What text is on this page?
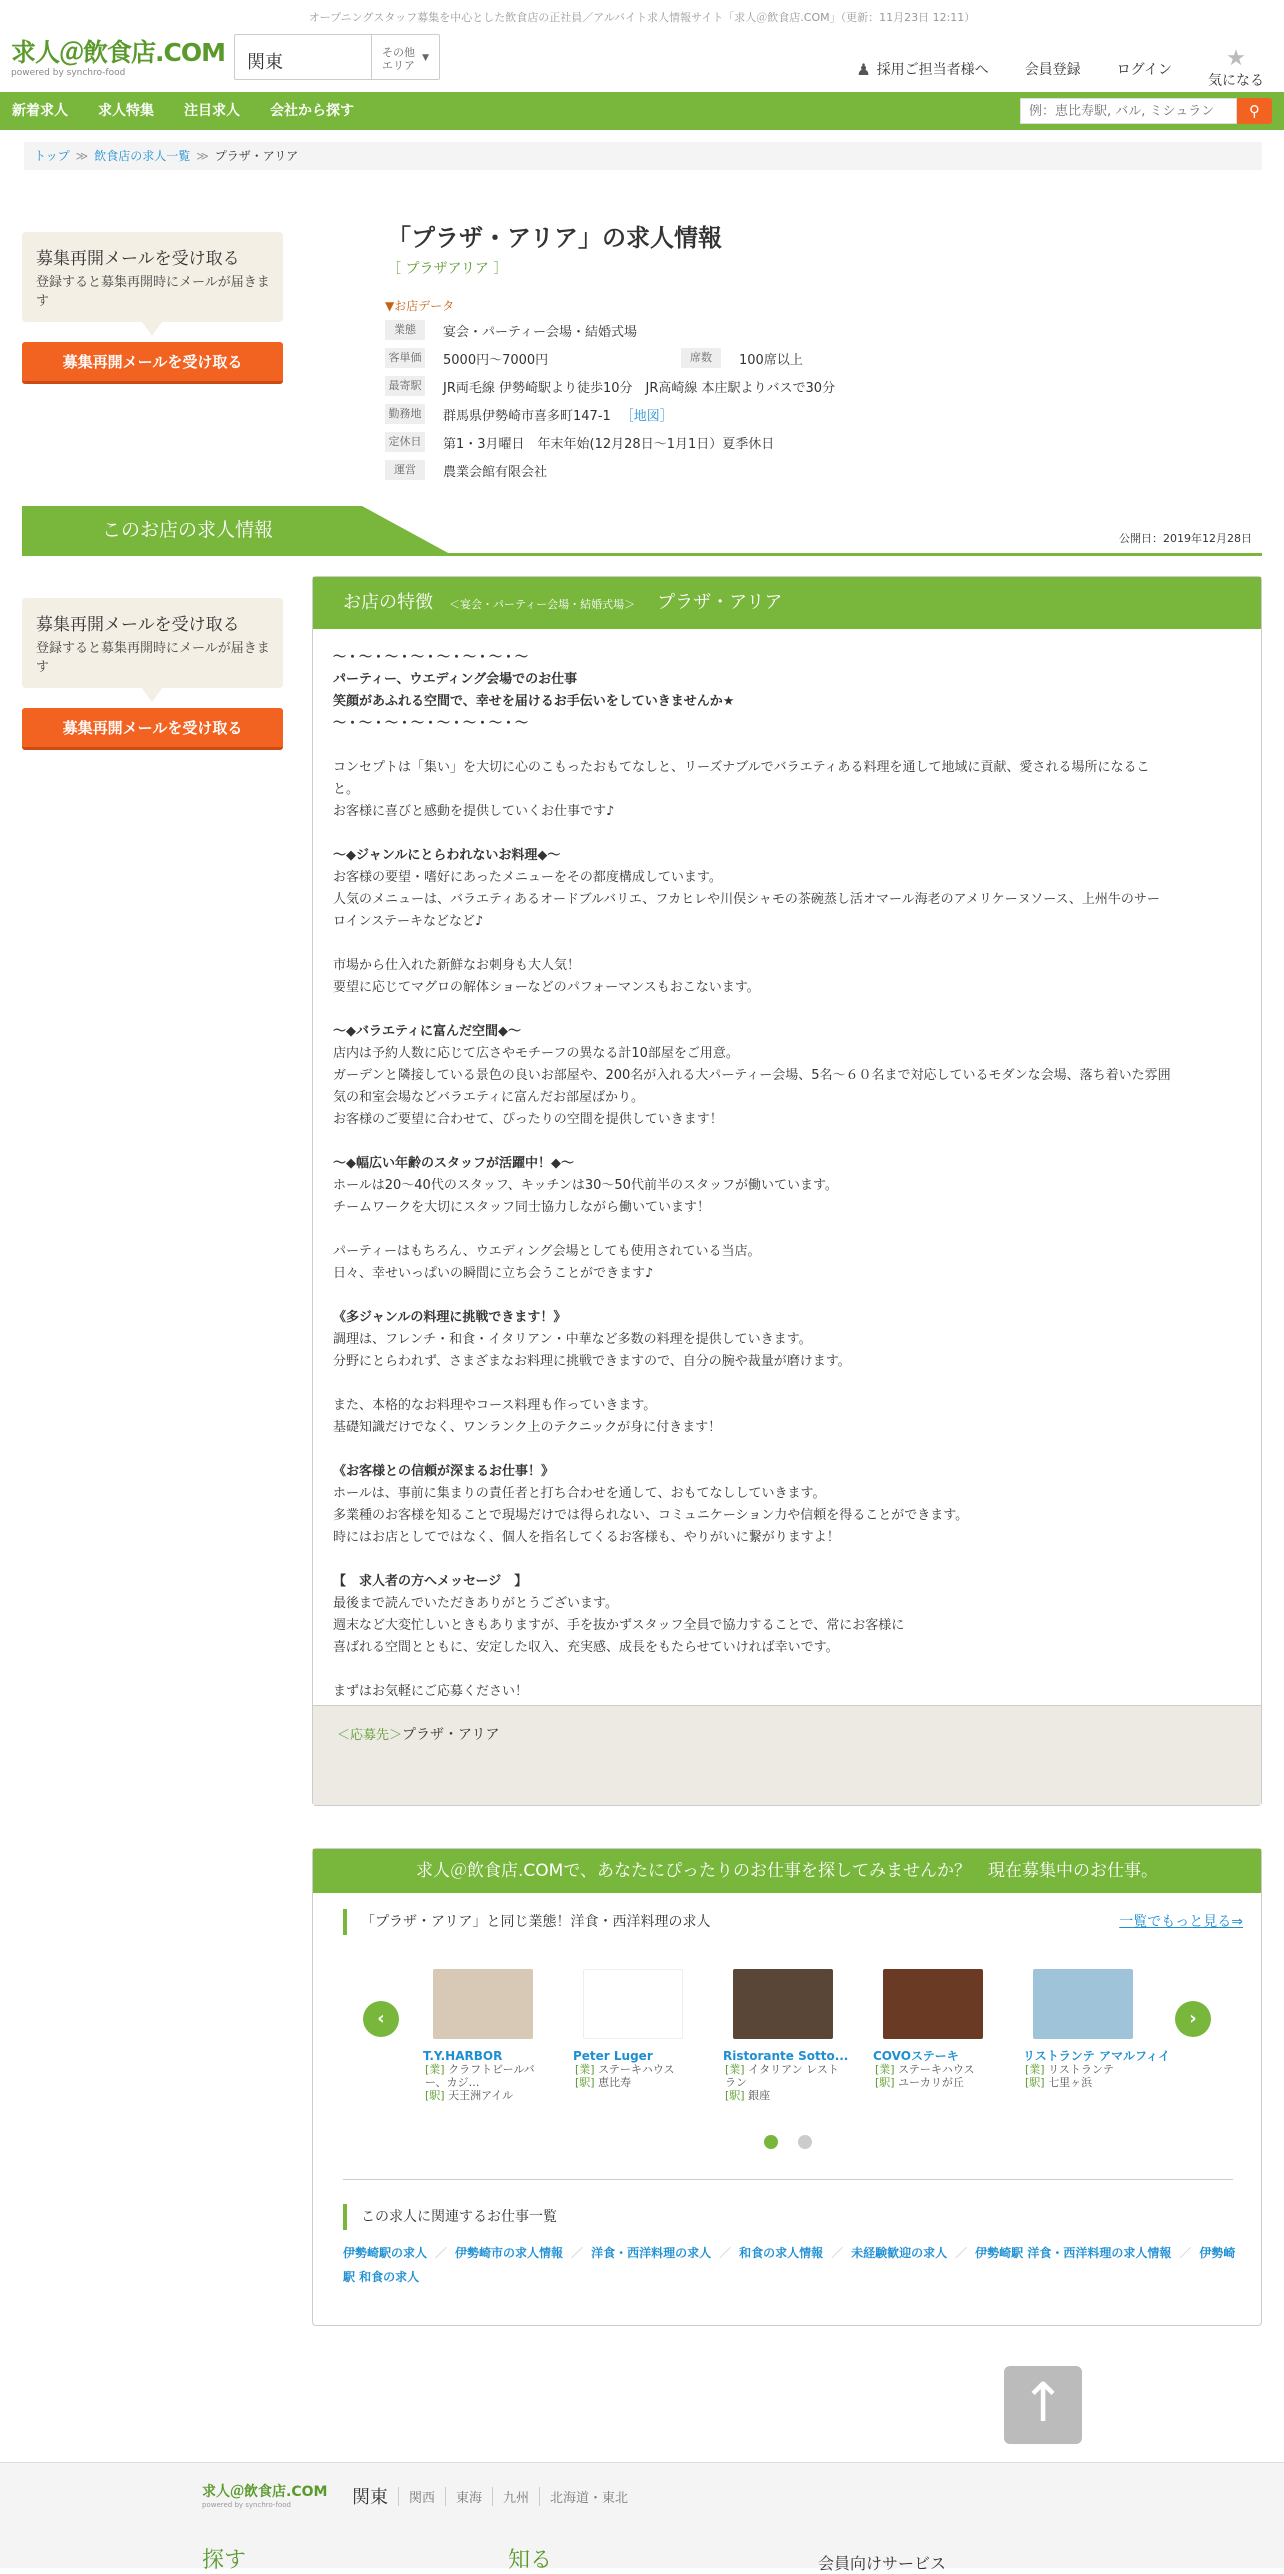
オープニングスタッフ募集を中心とした飲食店の正社員／アルバイト求人情報サイト「求人＠飲食店.COM」（更新：11月23日 12:11）
求人＠飲食店.COM
powered by synchro-food	関東	その他
エリア
▼
♟ 採用ご担当者様へ	会員登録	ログイン ★
気になる
新着求人 求人特集 注目求人 会社から探す
例：恵比寿駅, バル, ミシュラン	⚲
トップ ≫ 飲食店の求人一覧 ≫ プラザ・アリア
募集再開メールを受け取る
登録すると募集再開時にメールが届きます
募集再開メールを受け取る
「プラザ・アリア」の求人情報
［ プラザアリア ］
▼お店データ
業態	宴会・パーティー会場・結婚式場
客単価 5000円〜7000円	席数	100席以上
最寄駅 JR両毛線 伊勢崎駅より徒歩10分　JR高崎線 本庄駅よりバスで30分
勤務地 群馬県伊勢崎市喜多町147-1 ［地図］
定休日 第1・3月曜日　年末年始(12月28日～1月1日）夏季休日
運営	農業会館有限会社
このお店の求人情報	公開日：2019年12月28日
募集再開メールを受け取る
登録すると募集再開時にメールが届きます
募集再開メールを受け取る
お店の特徴 ＜宴会・パーティー会場・結婚式場＞ プラザ・アリア
～・～・～・～・～・～・～・～
パーティー、ウエディング会場でのお仕事
笑顔があふれる空間で、幸せを届けるお手伝いをしていきませんか★
～・～・～・～・～・～・～・～
コンセプトは「集い」を大切に心のこもったおもてなしと、リーズナブルでバラエティある料理を通して地域に貢献、愛される場所になるこ
と。
お客様に喜びと感動を提供していくお仕事です♪
～◆ジャンルにとらわれないお料理◆～
お客様の要望・嗜好にあったメニューをその都度構成しています。
人気のメニューは、バラエティあるオードブルバリエ、フカヒレや川俣シャモの茶碗蒸し活オマール海老のアメリケーヌソース、上州牛のサー
ロインステーキなどなど♪
市場から仕入れた新鮮なお刺身も大人気！
要望に応じてマグロの解体ショーなどのパフォーマンスもおこないます。
～◆バラエティに富んだ空間◆～
店内は予約人数に応じて広さやモチーフの異なる計10部屋をご用意。
ガーデンと隣接している景色の良いお部屋や、200名が入れる大パーティー会場、5名～６０名まで対応しているモダンな会場、落ち着いた雰囲
気の和室会場などバラエティに富んだお部屋ばかり。
お客様のご要望に合わせて、ぴったりの空間を提供していきます！
～◆幅広い年齢のスタッフが活躍中！◆～
ホールは20～40代のスタッフ、キッチンは30～50代前半のスタッフが働いています。
チームワークを大切にスタッフ同士協力しながら働いています！
パーティーはもちろん、ウエディング会場としても使用されている当店。
日々、幸せいっぱいの瞬間に立ち会うことができます♪
《多ジャンルの料理に挑戦できます！》
調理は、フレンチ・和食・イタリアン・中華など多数の料理を提供していきます。
分野にとらわれず、さまざまなお料理に挑戦できますので、自分の腕や裁量が磨けます。
また、本格的なお料理やコース料理も作っていきます。
基礎知識だけでなく、ワンランク上のテクニックが身に付きます！
《お客様との信頼が深まるお仕事！》
ホールは、事前に集まりの責任者と打ち合わせを通して、おもてなししていきます。
多業種のお客様を知ることで現場だけでは得られない、コミュニケーション力や信頼を得ることができます。
時にはお店としてではなく、個人を指名してくるお客様も、やりがいに繋がりますよ！
【　求人者の方へメッセージ　】
最後まで読んでいただきありがとうございます。
週末など大変忙しいときもありますが、手を抜かずスタッフ全員で協力することで、常にお客様に
喜ばれる空間とともに、安定した収入、充実感、成長をもたらせていければ幸いです。
まずはお気軽にご応募ください！
＜応募先＞プラザ・アリア
求人＠飲食店.COMで、あなたにぴったりのお仕事を探してみませんか？　現在募集中のお仕事。
「プラザ・アリア」と同じ業態！洋食・西洋料理の求人	一覧でもっと見る⇒
‹
T.Y.HARBOR
[業] クラフトビールバー、カジ…
[駅] 天王洲アイル
Peter Luger
[業] ステーキハウス
[駅] 恵比寿
Ristorante Sotto...
[業] イタリアン レストラン
[駅] 銀座
COVOステーキ
[業] ステーキハウス
[駅] ユーカリが丘
リストランテ アマルフィイ
[業] リストランテ
[駅] 七里ヶ浜
›
この求人に関連するお仕事一覧
伊勢崎駅の求人 ／ 伊勢崎市の求人情報 ／ 洋食・西洋料理の求人 ／ 和食の求人情報 ／ 未経験歓迎の求人 ／ 伊勢崎駅 洋食・西洋料理の求人情報 ／ 伊勢崎駅 和食の求人
↑
求人＠飲食店.COM
powered by synchro-food	関東	関西	東海	九州	北海道・東北
探す	知る	会員向けサービス
